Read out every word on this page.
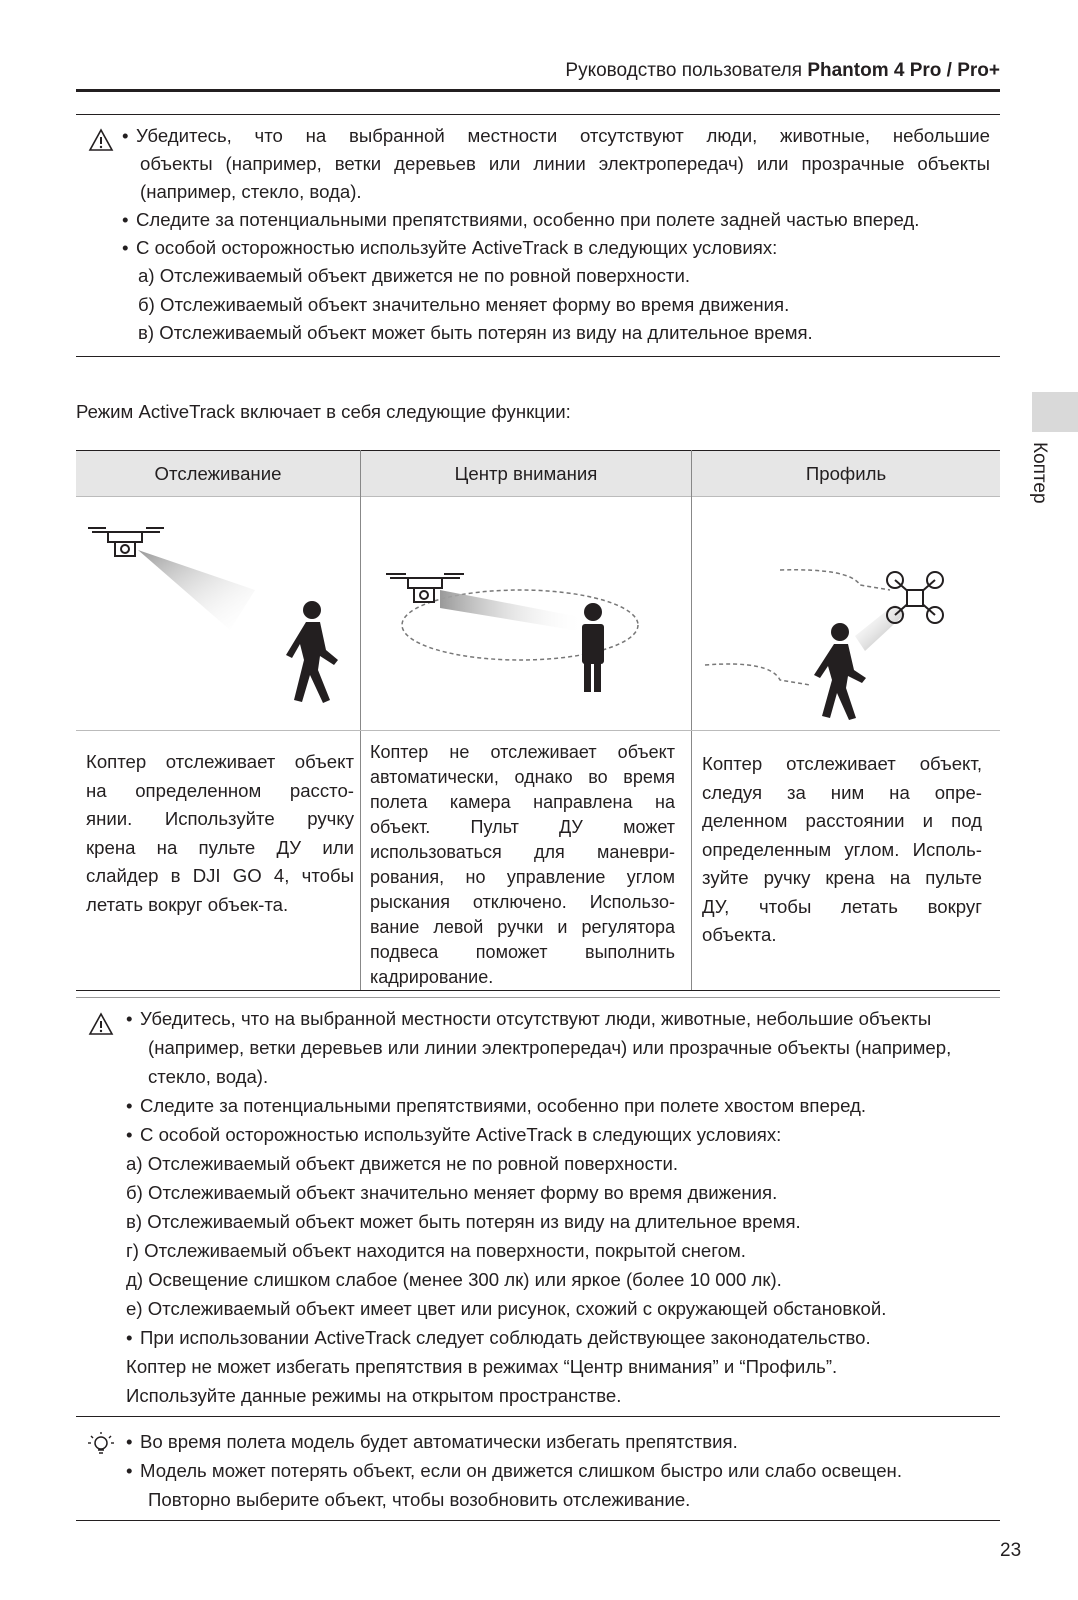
Руководство пользователя Phantom 4 Pro / Pro+
Коптер
• Убедитесь, что на выбранной местности отсутствуют люди, животные, небольшие
объекты (например, ветки деревьев или линии электропередач) или прозрачные объекты
(например, стекло, вода).
• Следите за потенциальными препятствиями, особенно при полете задней частью вперед.
• С особой осторожностью используйте ActiveTrack в следующих условиях:
а) Отслеживаемый объект движется не по ровной поверхности.
б) Отслеживаемый объект значительно меняет форму во время движения.
в) Отслеживаемый объект может быть потерян из виду на длительное время.
Режим ActiveTrack включает в себя следующие функции:
Отслеживание	Центр внимания	Профиль
Коптер отслеживает объект
на определенном рассто-
янии. Используйте ручку
крена на пульте ДУ или
слайдер в DJI GO 4, чтобы
летать вокруг объек-та.
Коптер не отслеживает объект
автоматически, однако во время
полета камера направлена на
объект. Пульт ДУ может
использоваться для маневри-
рования, но управление углом
рыскания отключено. Использо-
вание левой ручки и регулятора
подвеса поможет выполнить
кадрирование.
Коптер отслеживает объект,
следуя за ним на опре-
деленном расстоянии и под
определенным углом. Исполь-
зуйте ручку крена на пульте
ДУ, чтобы летать вокруг
объекта.
• Убедитесь, что на выбранной местности отсутствуют люди, животные, небольшие объекты
(например, ветки деревьев или линии электропередач) или прозрачные объекты (например,
стекло, вода).
• Следите за потенциальными препятствиями, особенно при полете хвостом вперед.
• С особой осторожностью используйте ActiveTrack в следующих условиях:
а) Отслеживаемый объект движется не по ровной поверхности.
б) Отслеживаемый объект значительно меняет форму во время движения.
в) Отслеживаемый объект может быть потерян из виду на длительное время.
г) Отслеживаемый объект находится на поверхности, покрытой снегом.
д) Освещение слишком слабое (менее 300 лк) или яркое (более 10 000 лк).
е) Отслеживаемый объект имеет цвет или рисунок, схожий с окружающей обстановкой.
• При использовании ActiveTrack следует соблюдать действующее законодательство.
Коптер не может избегать препятствия в режимах “Центр внимания” и “Профиль”.
Используйте данные режимы на открытом пространстве.
• Во время полета модель будет автоматически избегать препятствия.
• Модель может потерять объект, если он движется слишком быстро или слабо освещен.
Повторно выберите объект, чтобы возобновить отслеживание.
23
